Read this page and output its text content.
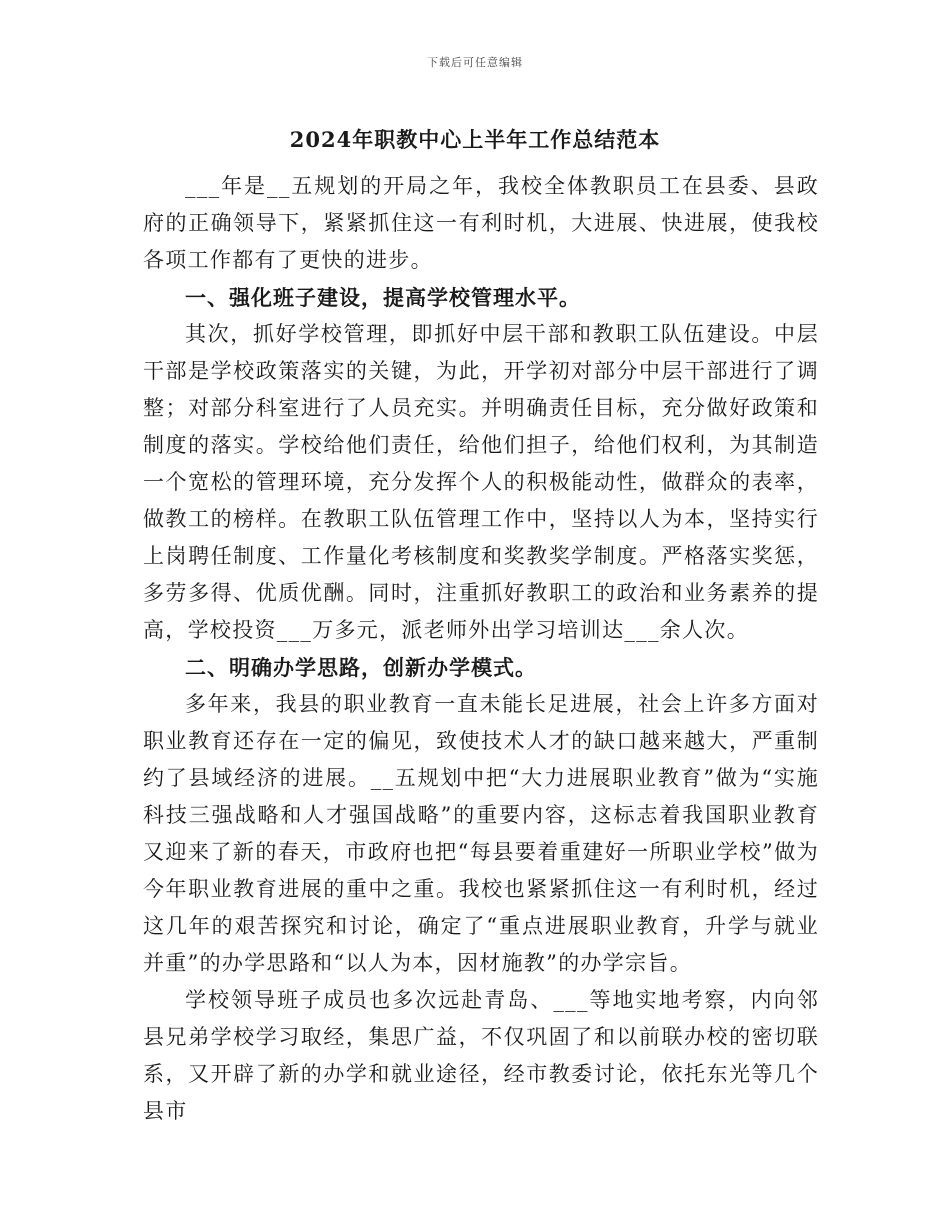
下载后可任意编辑
2024年职教中心上半年工作总结范本

___年是__五规划的开局之年，我校全体教职员工在县委、县政府的正确领导下，紧紧抓住这一有利时机，大进展、快进展，使我校各项工作都有了更快的进步。

一、强化班子建设，提高学校管理水平。

其次，抓好学校管理，即抓好中层干部和教职工队伍建设。中层干部是学校政策落实的关键，为此，开学初对部分中层干部进行了调整；对部分科室进行了人员充实。并明确责任目标，充分做好政策和制度的落实。学校给他们责任，给他们担子，给他们权利，为其制造一个宽松的管理环境，充分发挥个人的积极能动性，做群众的表率，做教工的榜样。在教职工队伍管理工作中，坚持以人为本，坚持实行上岗聘任制度、工作量化考核制度和奖教奖学制度。严格落实奖惩，多劳多得、优质优酬。同时，注重抓好教职工的政治和业务素养的提高，学校投资___万多元，派老师外出学习培训达___余人次。

二、明确办学思路，创新办学模式。

多年来，我县的职业教育一直未能长足进展，社会上许多方面对职业教育还存在一定的偏见，致使技术人才的缺口越来越大，严重制约了县域经济的进展。__五规划中把“大力进展职业教育”做为“实施科技三强战略和人才强国战略”的重要内容，这标志着我国职业教育又迎来了新的春天，市政府也把“每县要着重建好一所职业学校”做为今年职业教育进展的重中之重。我校也紧紧抓住这一有利时机，经过这几年的艰苦探究和讨论，确定了“重点进展职业教育，升学与就业并重”的办学思路和“以人为本，因材施教”的办学宗旨。

学校领导班子成员也多次远赴青岛、___等地实地考察，内向邻县兄弟学校学习取经，集思广益，不仅巩固了和以前联办校的密切联系，又开辟了新的办学和就业途径，经市教委讨论，依托东光等几个县市
